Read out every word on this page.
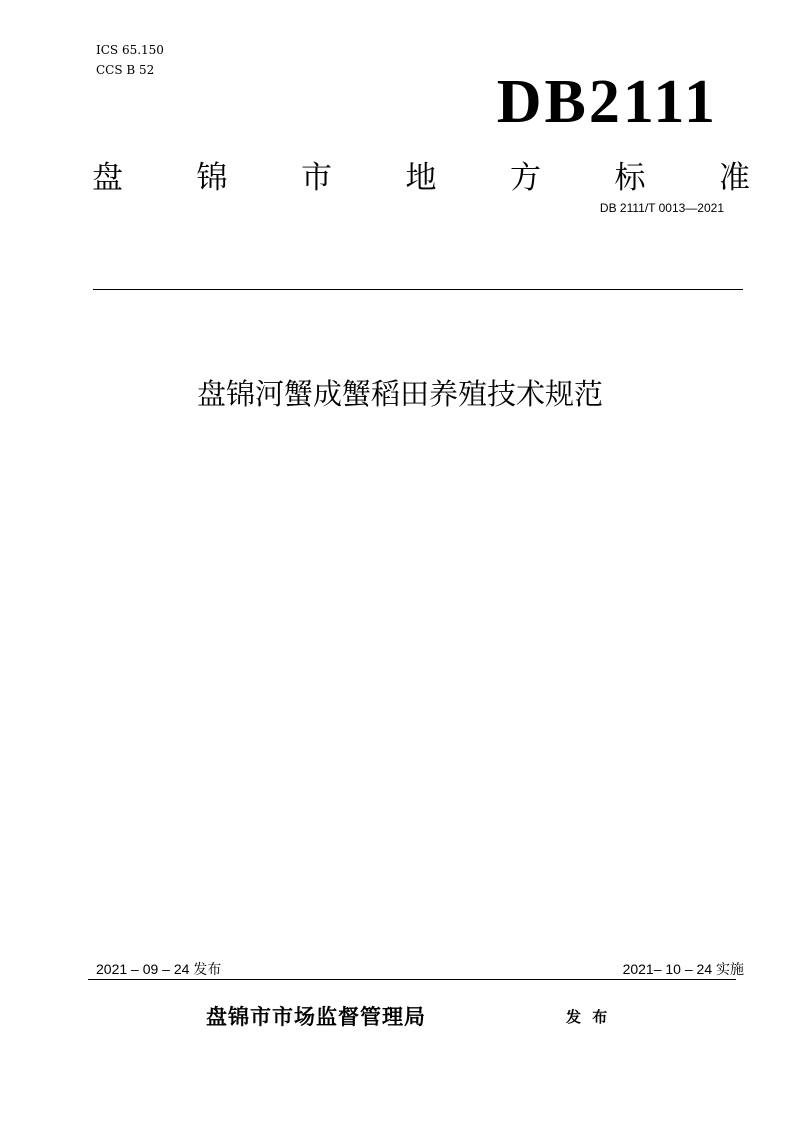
ICS 65.150
CCS B 52	DB2111
盘 锦 市 地 方 标 准
DB 2111/T 0013—2021
盘锦河蟹成蟹稻田养殖技术规范
2021 – 09 – 24 发布	2021– 10 – 24 实施
盘锦市市场监督管理局	发 布
